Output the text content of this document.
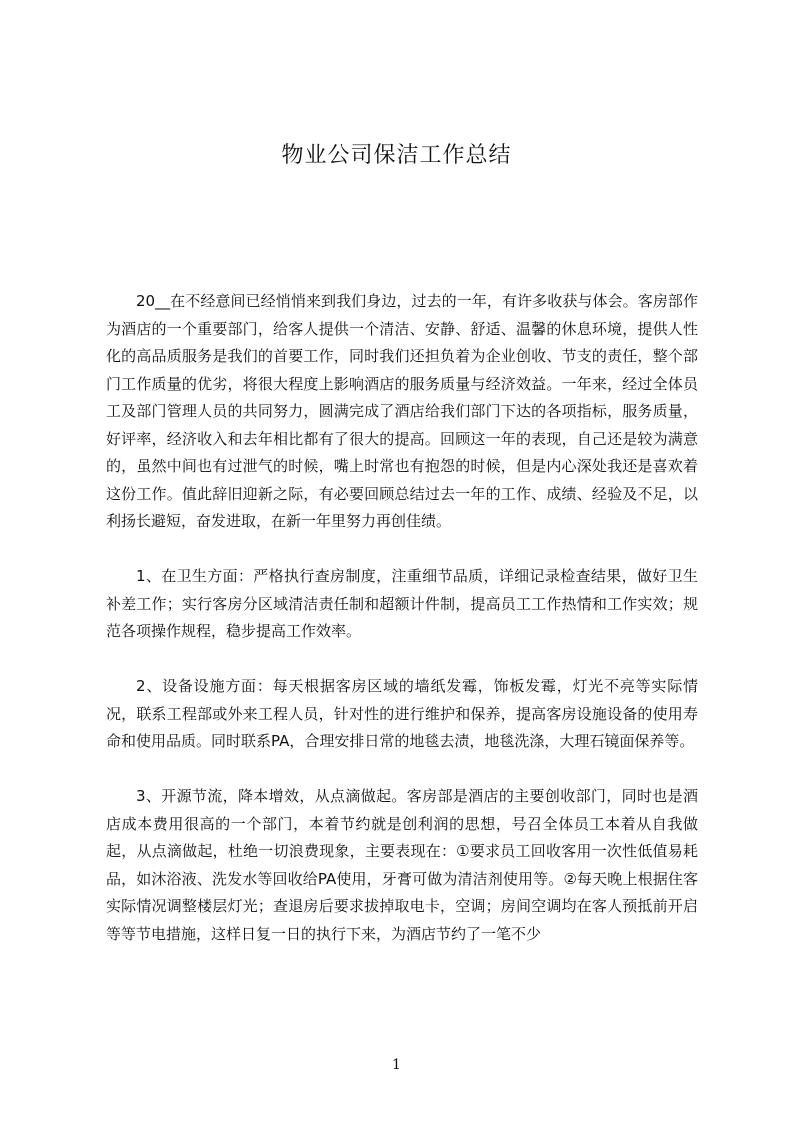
物业公司保洁工作总结

20__在不经意间已经悄悄来到我们身边，过去的一年，有许多收获与体会。客房部作为酒店的一个重要部门，给客人提供一个清洁、安静、舒适、温馨的休息环境，提供人性化的高品质服务是我们的首要工作，同时我们还担负着为企业创收、节支的责任，整个部门工作质量的优劣，将很大程度上影响酒店的服务质量与经济效益。一年来，经过全体员工及部门管理人员的共同努力，圆满完成了酒店给我们部门下达的各项指标，服务质量，好评率，经济收入和去年相比都有了很大的提高。回顾这一年的表现，自己还是较为满意的，虽然中间也有过泄气的时候，嘴上时常也有抱怨的时候，但是内心深处我还是喜欢着这份工作。值此辞旧迎新之际，有必要回顾总结过去一年的工作、成绩、经验及不足，以利扬长避短，奋发进取，在新一年里努力再创佳绩。

1、在卫生方面：严格执行查房制度，注重细节品质，详细记录检查结果，做好卫生补差工作；实行客房分区域清洁责任制和超额计件制，提高员工工作热情和工作实效；规范各项操作规程，稳步提高工作效率。

2、设备设施方面：每天根据客房区域的墙纸发霉，饰板发霉，灯光不亮等实际情况，联系工程部或外来工程人员，针对性的进行维护和保养，提高客房设施设备的使用寿命和使用品质。同时联系PA，合理安排日常的地毯去渍，地毯洗涤，大理石镜面保养等。

3、开源节流，降本增效，从点滴做起。客房部是酒店的主要创收部门，同时也是酒店成本费用很高的一个部门，本着节约就是创利润的思想，号召全体员工本着从自我做起，从点滴做起，杜绝一切浪费现象，主要表现在：①要求员工回收客用一次性低值易耗品，如沐浴液、洗发水等回收给PA使用，牙膏可做为清洁剂使用等。②每天晚上根据住客实际情况调整楼层灯光；查退房后要求拔掉取电卡，空调；房间空调均在客人预抵前开启等等节电措施，这样日复一日的执行下来，为酒店节约了一笔不少

1
